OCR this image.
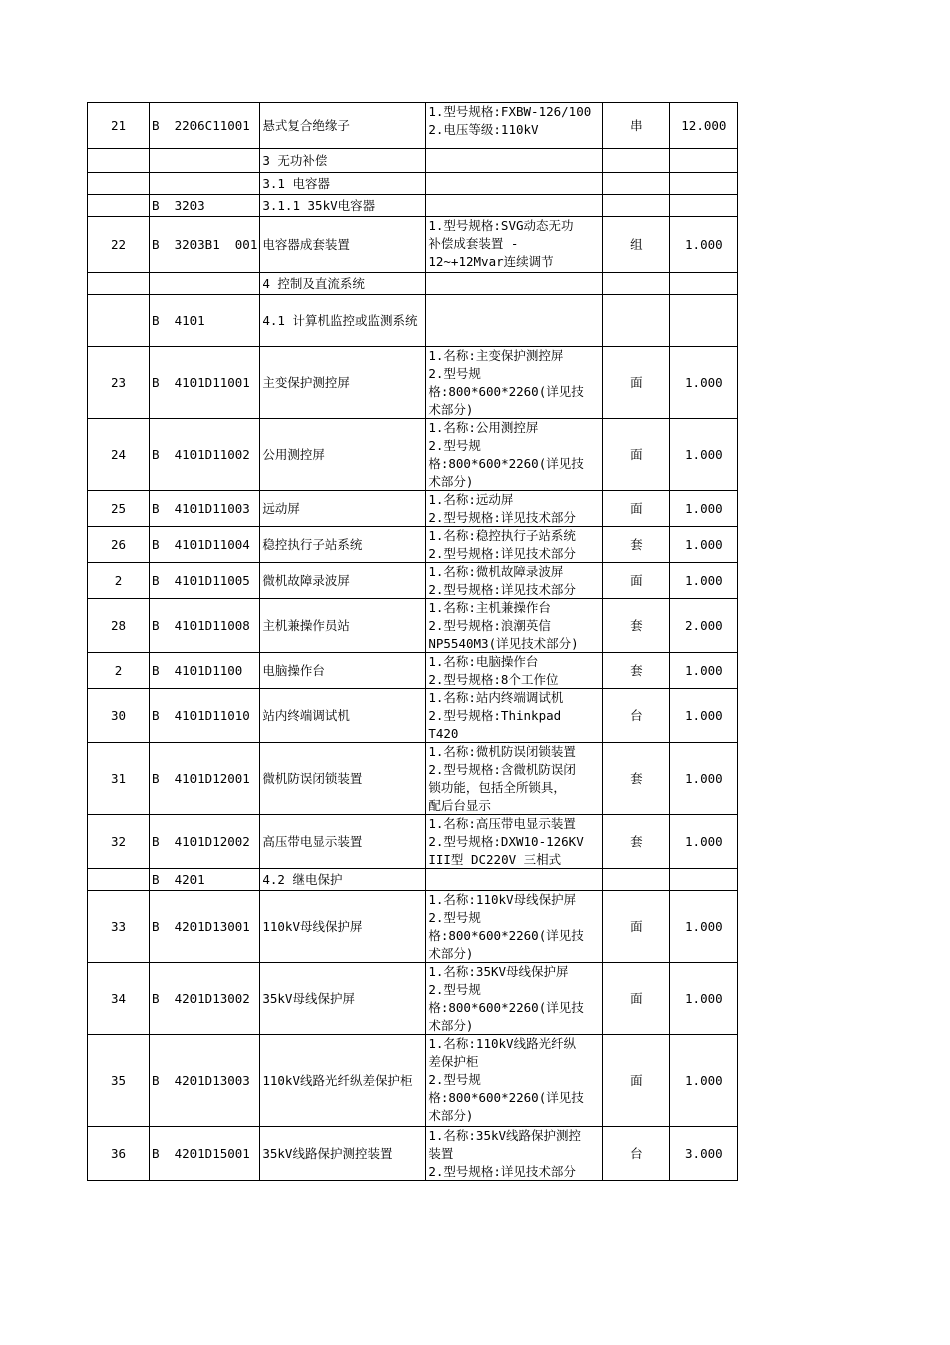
21	B  2206C11001	悬式复合绝缘子	1.型号规格:FXBW-126/100
2.电压等级:110kV	串	12.000
		3 无功补偿	

		3.1 电容器	

	B  3203	3.1.1 35kV电容器	

22	B  3203B1  001	电容器成套装置	1.型号规格:SVG动态无功
补偿成套装置 -
12~+12Mvar连续调节	组	1.000
		4 控制及直流系统	

	B  4101	4.1 计算机监控或监测系统	

23	B  4101D11001	主变保护测控屏	1.名称:主变保护测控屏
2.型号规
格:800*600*2260(详见技
术部分)	面	1.000
24	B  4101D11002	公用测控屏	1.名称:公用测控屏
2.型号规
格:800*600*2260(详见技
术部分)	面	1.000
25	B  4101D11003	远动屏	1.名称:远动屏
2.型号规格:详见技术部分	面	1.000
26	B  4101D11004	稳控执行子站系统	1.名称:稳控执行子站系统
2.型号规格:详见技术部分	套	1.000
2	B  4101D11005	微机故障录波屏	1.名称:微机故障录波屏
2.型号规格:详见技术部分	面	1.000
28	B  4101D11008	主机兼操作员站	1.名称:主机兼操作台
2.型号规格:浪潮英信
NP5540M3(详见技术部分)	套	2.000
2	B  4101D1100	电脑操作台	1.名称:电脑操作台
2.型号规格:8个工作位	套	1.000
30	B  4101D11010	站内终端调试机	1.名称:站内终端调试机
2.型号规格:Thinkpad
T420	台	1.000
31	B  4101D12001	微机防误闭锁装置	1.名称:微机防误闭锁装置
2.型号规格:含微机防误闭
锁功能，包括全所锁具，
配后台显示	套	1.000
32	B  4101D12002	高压带电显示装置	1.名称:高压带电显示装置
2.型号规格:DXW10-126KV
III型 DC220V 三相式	套	1.000
	B  4201	4.2 继电保护	

33	B  4201D13001	110kV母线保护屏	1.名称:110kV母线保护屏
2.型号规
格:800*600*2260(详见技
术部分)	面	1.000
34	B  4201D13002	35kV母线保护屏	1.名称:35KV母线保护屏
2.型号规
格:800*600*2260(详见技
术部分)	面	1.000
35	B  4201D13003	110kV线路光纤纵差保护柜	1.名称:110kV线路光纤纵
差保护柜
2.型号规
格:800*600*2260(详见技
术部分)	面	1.000
36	B  4201D15001	35kV线路保护测控装置	1.名称:35kV线路保护测控
装置
2.型号规格:详见技术部分	台	3.000
